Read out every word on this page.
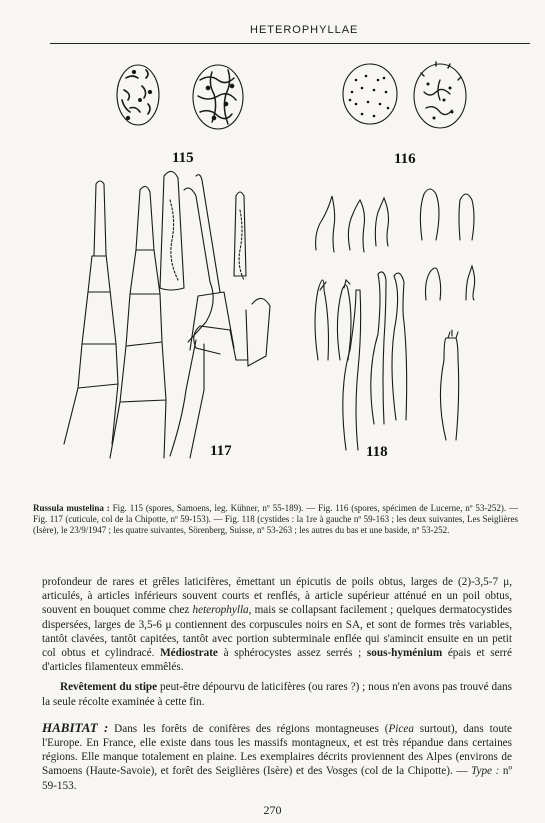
HETEROPHYLLAE
115	116
117	118
Russula mustelina : Fig. 115 (spores, Samoens, leg. Kühner, nº 55-189). — Fig. 116 (spores, spécimen de Lucerne, nº 53-252). — Fig. 117 (cuticule, col de la Chipotte, nº 59-153). — Fig. 118 (cystides : la 1re à gauche nº 59-163 ; les deux suivantes, Les Seiglières (Isère), le 23/9/1947 ; les quatre suivantes, Sörenberg, Suisse, nº 53-263 ; les autres du bas et une baside, nº 53-252.

profondeur de rares et grêles laticifères, émettant un épicutis de poils obtus, larges de (2)-3,5-7 μ, articulés, à articles inférieurs souvent courts et renflés, à article supérieur atténué en un poil obtus, souvent en bouquet comme chez heterophylla, mais se collapsant facilement ; quelques dermatocystides dispersées, larges de 3,5-6 μ contiennent des corpuscules noirs en SA, et sont de formes très variables, tantôt clavées, tantôt capitées, tantôt avec portion subterminale enflée qui s'amincit ensuite en un petit col obtus et cylindracé. Médiostrate à sphérocystes assez serrés ; sous-hyménium épais et serré d'articles filamenteux emmêlés.

Revêtement du stipe peut-être dépourvu de laticifères (ou rares ?) ; nous n'en avons pas trouvé dans la seule récolte examinée à cette fin.

HABITAT : Dans les forêts de conifères des régions montagneuses (Picea surtout), dans toute l'Europe. En France, elle existe dans tous les massifs montagneux, et est très répandue dans certaines régions. Elle manque totalement en plaine. Les exemplaires décrits proviennent des Alpes (environs de Samoens (Haute-Savoie), et forêt des Seiglières (Isère) et des Vosges (col de la Chipotte). — Type : nº 59-153.

270
